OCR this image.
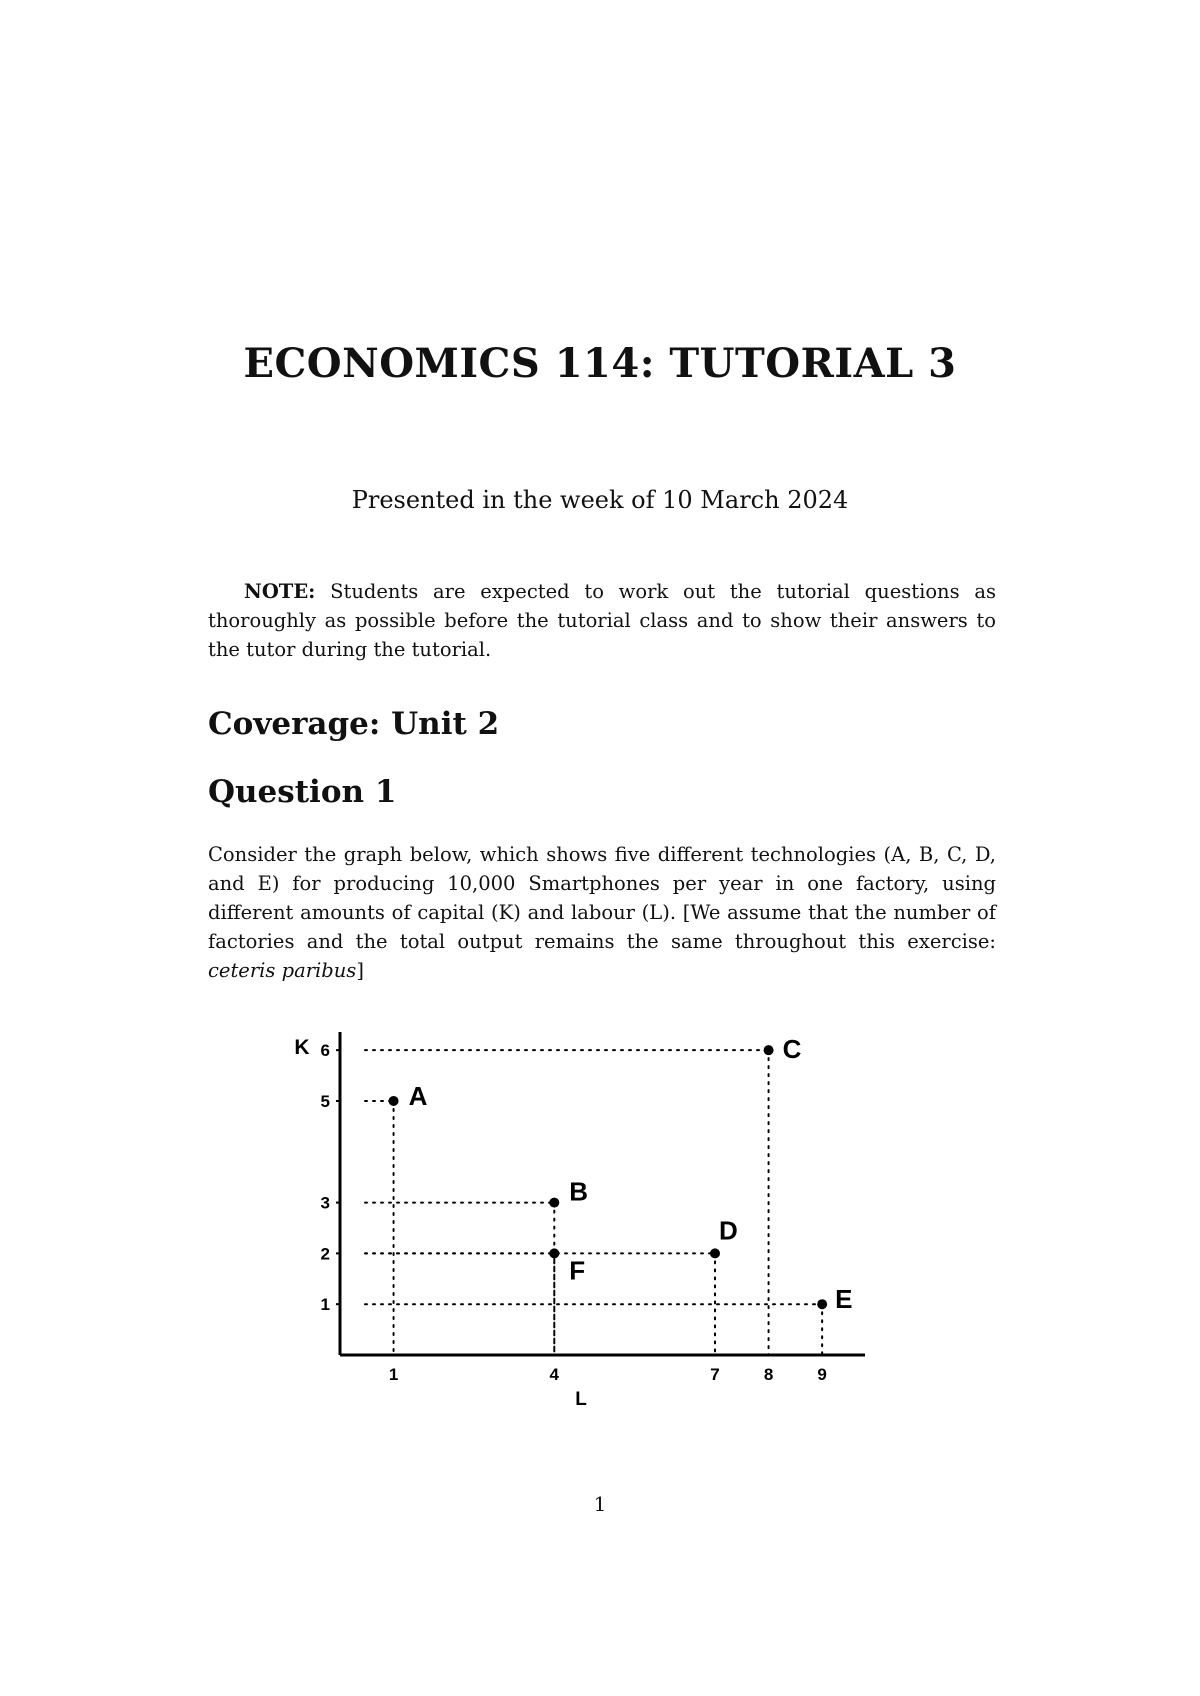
ECONOMICS 114: TUTORIAL 3
Presented in the week of 10 March 2024

NOTE: Students are expected to work out the tutorial questions as thoroughly as possible before the tutorial class and to show their answers to the tutor during the tutorial.

Coverage: Unit 2
Question 1

Consider the graph below, which shows five different technologies (A, B, C, D, and E) for producing 10,000 Smartphones per year in one factory, using different amounts of capital (K) and labour (L). [We assume that the number of factories and the total output remains the same throughout this exercise: ceteris paribus]

1
2
3
5
6
1	4	7	8	9
K
L
A
B
C
D
E
F
1
